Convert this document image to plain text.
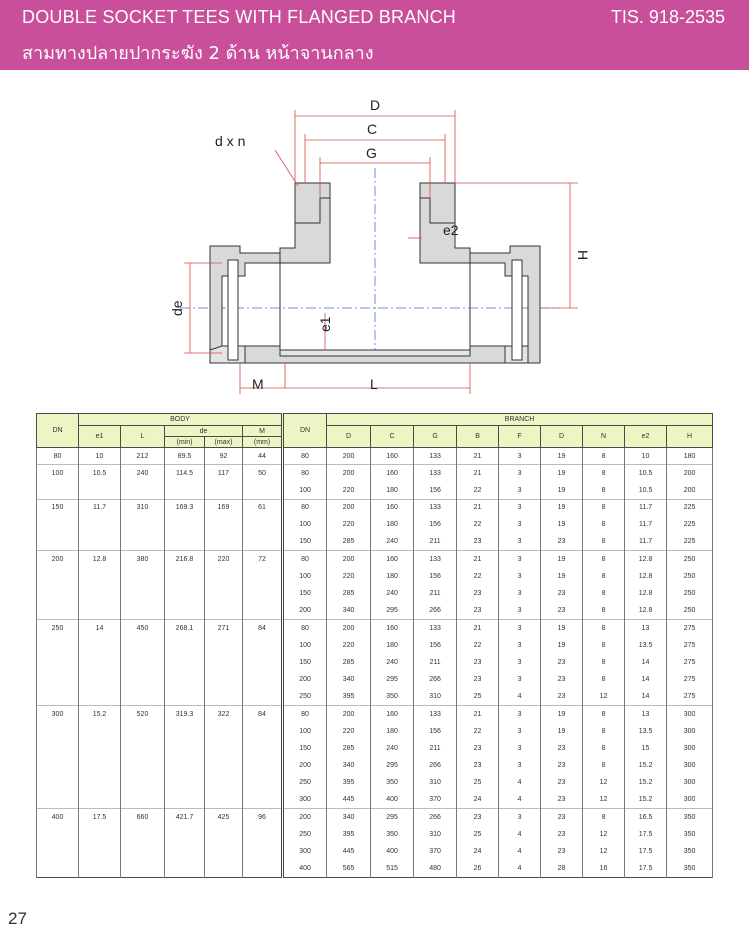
DOUBLE SOCKET TEES WITH FLANGED BRANCH
สามทางปลายปากระฆัง 2 ด้าน หน้าจานกลาง
TIS. 918-2535
D
C
G
d x n
e2
H
de
e1
M	L
DN	BODY					DN	BRANCH								
	e1	L	de		M		D	C	G	B	F	D	N	e2	H
			(min)	(max)	(mm)										
80	10	212	89.5	92	44	80	200	160	133	21	3	19	8	10	180
100	10.5	240	114.5	117	50	80	200	160	133	21	3	19	8	10.5	200
						100	220	180	156	22	3	19	8	10.5	200
150	11.7	310	169.3	169	61	80	200	160	133	21	3	19	8	11.7	225
						100	220	180	156	22	3	19	8	11.7	225
						150	285	240	211	23	3	23	8	11.7	225
200	12.8	380	216.8	220	72	80	200	160	133	21	3	19	8	12.8	250
						100	220	180	156	22	3	19	8	12.8	250
						150	285	240	211	23	3	23	8	12.8	250
						200	340	295	266	23	3	23	8	12.8	250
250	14	450	268.1	271	84	80	200	160	133	21	3	19	8	13	275
						100	220	180	156	22	3	19	8	13.5	275
						150	285	240	211	23	3	23	8	14	275
						200	340	295	266	23	3	23	8	14	275
						250	395	350	310	25	4	23	12	14	275
300	15.2	520	319.3	322	84	80	200	160	133	21	3	19	8	13	300
						100	220	180	156	22	3	19	8	13.5	300
						150	285	240	211	23	3	23	8	15	300
						200	340	295	266	23	3	23	8	15.2	300
						250	395	350	310	25	4	23	12	15.2	300
						300	445	400	370	24	4	23	12	15.2	300
400	17.5	660	421.7	425	96	200	340	295	266	23	3	23	8	16.5	350
						250	395	350	310	25	4	23	12	17.5	350
						300	445	400	370	24	4	23	12	17.5	350
						400	565	515	480	26	4	28	16	17.5	350
27
